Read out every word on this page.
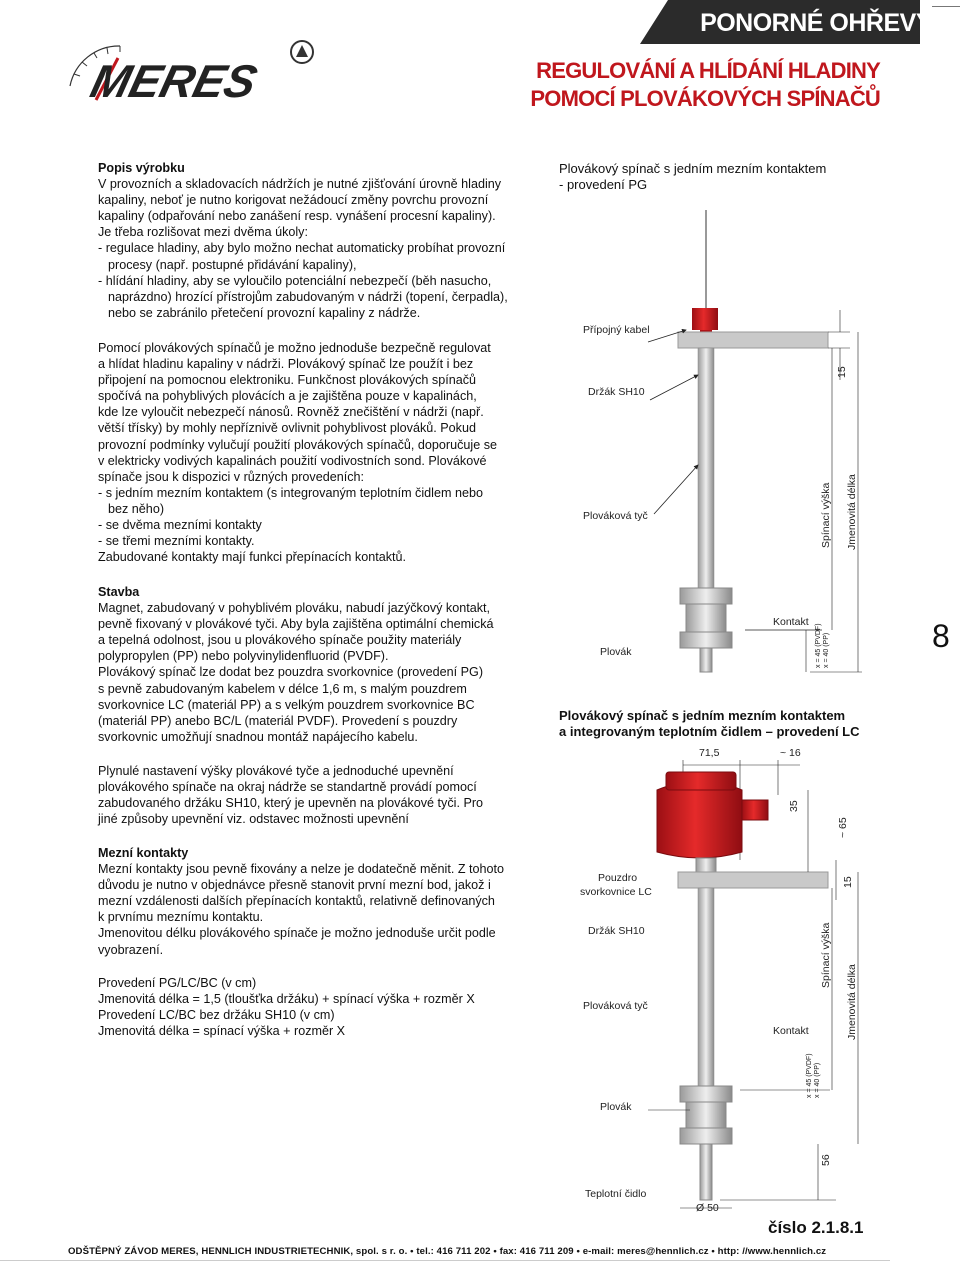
PONORNÉ OHŘEVY
REGULOVÁNÍ A HLÍDÁNÍ HLADINY
POMOCÍ PLOVÁKOVÝCH SPÍNAČŮ
MERES

Popis výrobku

V provozních a skladovacích nádržích je nutné zjišťování úrovně hladiny

kapaliny, neboť je nutno korigovat nežádoucí změny povrchu provozní

kapaliny (odpařování nebo zanášení resp. vynášení procesní kapaliny).

Je třeba rozlišovat mezi dvěma úkoly:

- regulace hladiny, aby bylo možno nechat automaticky probíhat provozní

procesy (např. postupné přidávání kapaliny),

- hlídání hladiny, aby se vyloučilo potenciální nebezpečí (běh nasucho,

naprázdno) hrozící přístrojům zabudovaným v nádrži (topení, čerpadla),

nebo se zabránilo přetečení provozní kapaliny z nádrže.

Pomocí plovákových spínačů je možno jednoduše bezpečně regulovat

a hlídat hladinu kapaliny v nádrži. Plovákový spínač lze použít i bez

připojení na pomocnou elektroniku. Funkčnost plovákových spínačů

spočívá na pohyblivých plovácích a je zajištěna pouze v kapalinách,

kde lze vyloučit nebezpečí nánosů. Rovněž znečištění v nádrži (např.

větší třísky) by mohly nepříznivě ovlivnit pohyblivost plováků. Pokud

provozní podmínky vylučují použití plovákových spínačů, doporučuje se

v elektricky vodivých kapalinách použití vodivostních sond. Plovákové

spínače jsou k dispozici v různých provedeních:

- s jedním mezním kontaktem (s integrovaným teplotním čidlem nebo

bez něho)

- se dvěma mezními kontakty

- se třemi mezními kontakty.

Zabudované kontakty mají funkci přepínacích kontaktů.

Stavba

Magnet, zabudovaný v pohyblivém plováku, nabudí jazýčkový kontakt,

pevně fixovaný v plovákové tyči. Aby byla zajištěna optimální chemická

a tepelná odolnost, jsou u plovákového spínače použity materiály

polypropylen (PP) nebo polyvinylidenfluorid (PVDF).

Plovákový spínač lze dodat bez pouzdra svorkovnice (provedení PG)

s pevně zabudovaným kabelem v délce 1,6 m, s malým pouzdrem

svorkovnice LC (materiál PP) a s velkým pouzdrem svorkovnice BC

(materiál PP) anebo BC/L (materiál PVDF). Provedení s pouzdry

svorkovnic umožňují snadnou montáž napájecího kabelu.

Plynulé nastavení výšky plovákové tyče a jednoduché upevnění

plovákového spínače na okraj nádrže se standartně provádí pomocí

zabudovaného držáku SH10, který je upevněn na plovákové tyči. Pro

jiné způsoby upevnění viz. odstavec možnosti upevnění

Mezní kontakty

Mezní kontakty jsou pevně fixovány a nelze je dodatečně měnit. Z tohoto

důvodu je nutno v objednávce přesně stanovit první mezní bod, jakož i

mezní vzdálenosti dalších přepínacích kontaktů, relativně definovaných

k prvnímu meznímu kontaktu.

Jmenovitou délku plovákového spínače je možno jednoduše určit podle

vyobrazení.

Provedení PG/LC/BC (v cm)

Jmenovitá délka = 1,5 (tloušťka držáku) + spínací výška + rozměr X

Provedení LC/BC bez držáku SH10 (v cm)

Jmenovitá délka = spínací výška + rozměr X

Plovákový spínač s jedním mezním kontaktem
- provedení PG
Přípojný kabel
Držák SH10
Plováková tyč
Plovák
Kontakt
15
Spínací výška Jmenovitá délka
x = 45 (PVDF) x = 40 (PP)
Plovákový spínač s jedním mezním kontaktem
a integrovaným teplotním čidlem – provedení LC
71,5	~ 16
35
~ 65
15
Pouzdro
svorkovnice LC
Držák SH10
Plováková tyč
Kontakt
x = 45 (PVDF) x = 40 (PP)
Plovák
Spínací výška
Jmenovitá délka
56
Teplotní čidlo
Ø 50
8
číslo 2.1.8.1
ODŠTĚPNÝ ZÁVOD MERES, HENNLICH INDUSTRIETECHNIK, spol. s r. o. • tel.: 416 711 202 • fax: 416 711 209 • e-mail: meres@hennlich.cz • http: //www.hennlich.cz
